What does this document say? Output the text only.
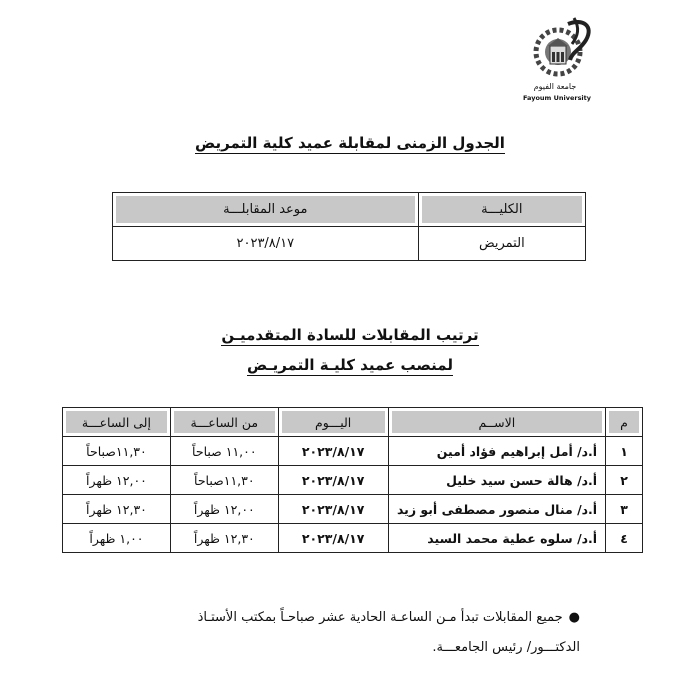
جامعة الفيوم
Fayoum University
الجدول الزمنى لمقابلة عميد كلية التمريض
الكليـــة	موعد المقابلـــة
التمريض	٢٠٢٣/٨/١٧
ترتيب المقابلات للسادة المتقدميـن
لمنصب عميد كليـة التمريـض
م	الاســم	اليـــوم	من الساعـــة	إلى الساعـــة
١	أ.د/ أمل إبراهيم فؤاد أمين	٢٠٢٣/٨/١٧	١١,٠٠ صباحاً	١١,٣٠صباحاً
٢	أ.د/ هالة حسن سيد خليل	٢٠٢٣/٨/١٧	١١,٣٠صباحاً	١٢,٠٠ ظهراً
٣	أ.د/ منال منصور مصطفى أبو زيد	٢٠٢٣/٨/١٧	١٢,٠٠ ظهراً	١٢,٣٠ ظهراً
٤	أ.د/ سلوه عطية محمد السيد	٢٠٢٣/٨/١٧	١٢,٣٠ ظهراً	١,٠٠ ظهراً
●جميع المقابلات تبدأ مـن الساعـة الحادية عشر صباحـاً بمكتب الأستـاذ
الدكتـــور/ رئيس الجامعـــة.
